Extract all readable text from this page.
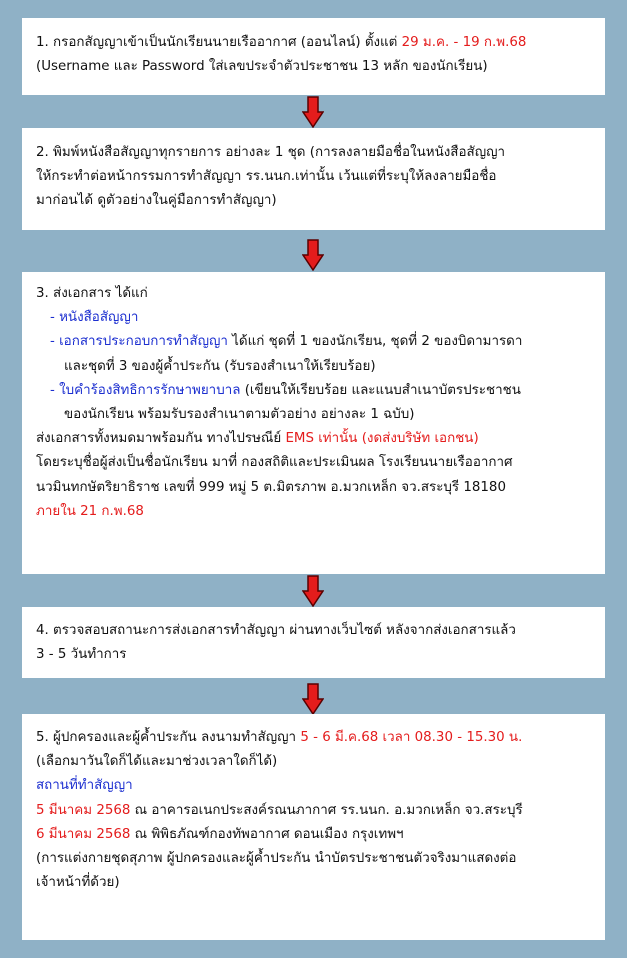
1. กรอกสัญญาเข้าเป็นนักเรียนนายเรืออากาศ (ออนไลน์) ตั้งแต่ 29 ม.ค. - 19 ก.พ.68
(Username และ Password ใส่เลขประจำตัวประชาชน 13 หลัก ของนักเรียน)
2. พิมพ์หนังสือสัญญาทุกรายการ อย่างละ 1 ชุด (การลงลายมือชื่อในหนังสือสัญญา
ให้กระทำต่อหน้ากรรมการทำสัญญา รร.นนก.เท่านั้น เว้นแต่ที่ระบุให้ลงลายมือชื่อ
มาก่อนได้ ดูตัวอย่างในคู่มือการทำสัญญา)
3. ส่งเอกสาร ได้แก่
- หนังสือสัญญา
- เอกสารประกอบการทำสัญญา ได้แก่ ชุดที่ 1 ของนักเรียน, ชุดที่ 2 ของบิดามารดา
และชุดที่ 3 ของผู้ค้ำประกัน (รับรองสำเนาให้เรียบร้อย)
- ใบคำร้องสิทธิการรักษาพยาบาล (เขียนให้เรียบร้อย และแนบสำเนาบัตรประชาชน
ของนักเรียน พร้อมรับรองสำเนาตามตัวอย่าง อย่างละ 1 ฉบับ)
ส่งเอกสารทั้งหมดมาพร้อมกัน ทางไปรษณีย์ EMS เท่านั้น (งดส่งบริษัท เอกชน)
โดยระบุชื่อผู้ส่งเป็นชื่อนักเรียน มาที่ กองสถิติและประเมินผล โรงเรียนนายเรืออากาศ
นวมินทกษัตริยาธิราช เลขที่ 999 หมู่ 5 ต.มิตรภาพ อ.มวกเหล็ก จว.สระบุรี 18180
ภายใน 21 ก.พ.68
4. ตรวจสอบสถานะการส่งเอกสารทำสัญญา ผ่านทางเว็บไซต์ หลังจากส่งเอกสารแล้ว
3 - 5 วันทำการ
5. ผู้ปกครองและผู้ค้ำประกัน ลงนามทำสัญญา 5 - 6 มี.ค.68 เวลา 08.30 - 15.30 น.
(เลือกมาวันใดก็ได้และมาช่วงเวลาใดก็ได้)
สถานที่ทำสัญญา
5 มีนาคม 2568 ณ อาคารอเนกประสงค์รณนภากาศ รร.นนก. อ.มวกเหล็ก จว.สระบุรี
6 มีนาคม 2568 ณ พิพิธภัณฑ์กองทัพอากาศ ดอนเมือง กรุงเทพฯ
(การแต่งกายชุดสุภาพ ผู้ปกครองและผู้ค้ำประกัน นำบัตรประชาชนตัวจริงมาแสดงต่อ
เจ้าหน้าที่ด้วย)
